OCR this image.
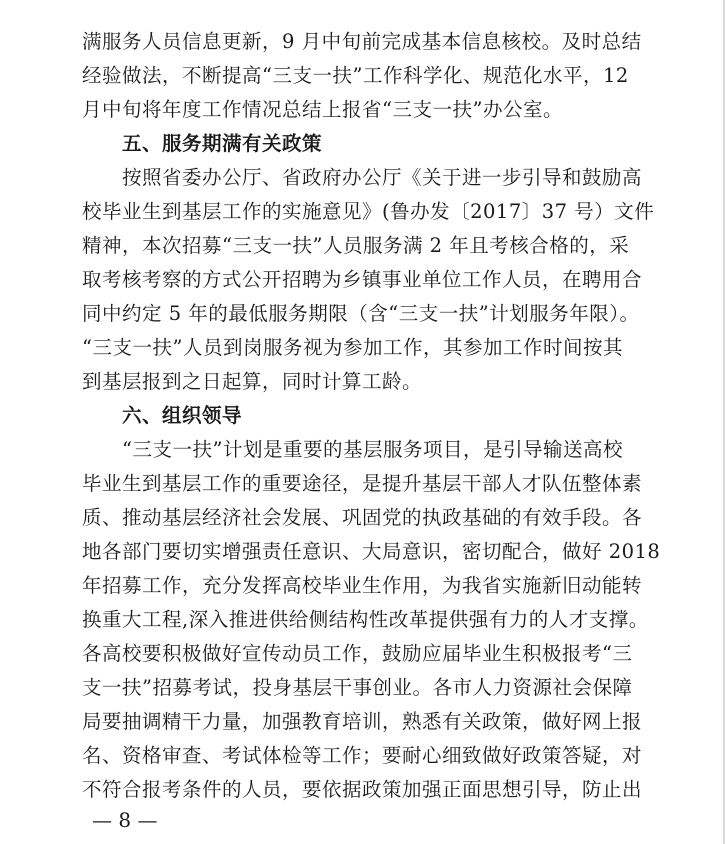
满服务人员信息更新，9 月中旬前完成基本信息核校。及时总结
经验做法，不断提高“三支一扶”工作科学化、规范化水平，12
月中旬将年度工作情况总结上报省“三支一扶”办公室。
五、服务期满有关政策
按照省委办公厅、省政府办公厅《关于进一步引导和鼓励高
校毕业生到基层工作的实施意见》(鲁办发〔2017〕37 号）文件
精神，本次招募“三支一扶”人员服务满 2 年且考核合格的，采
取考核考察的方式公开招聘为乡镇事业单位工作人员，在聘用合
同中约定 5 年的最低服务期限（含“三支一扶”计划服务年限）。
“三支一扶”人员到岗服务视为参加工作，其参加工作时间按其
到基层报到之日起算，同时计算工龄。
六、组织领导
“三支一扶”计划是重要的基层服务项目，是引导输送高校
毕业生到基层工作的重要途径，是提升基层干部人才队伍整体素
质、推动基层经济社会发展、巩固党的执政基础的有效手段。各
地各部门要切实增强责任意识、大局意识，密切配合，做好 2018
年招募工作，充分发挥高校毕业生作用，为我省实施新旧动能转
换重大工程,深入推进供给侧结构性改革提供强有力的人才支撑。
各高校要积极做好宣传动员工作，鼓励应届毕业生积极报考“三
支一扶”招募考试，投身基层干事创业。各市人力资源社会保障
局要抽调精干力量，加强教育培训，熟悉有关政策，做好网上报
名、资格审查、考试体检等工作；要耐心细致做好政策答疑，对
不符合报考条件的人员，要依据政策加强正面思想引导，防止出
— 8 —
